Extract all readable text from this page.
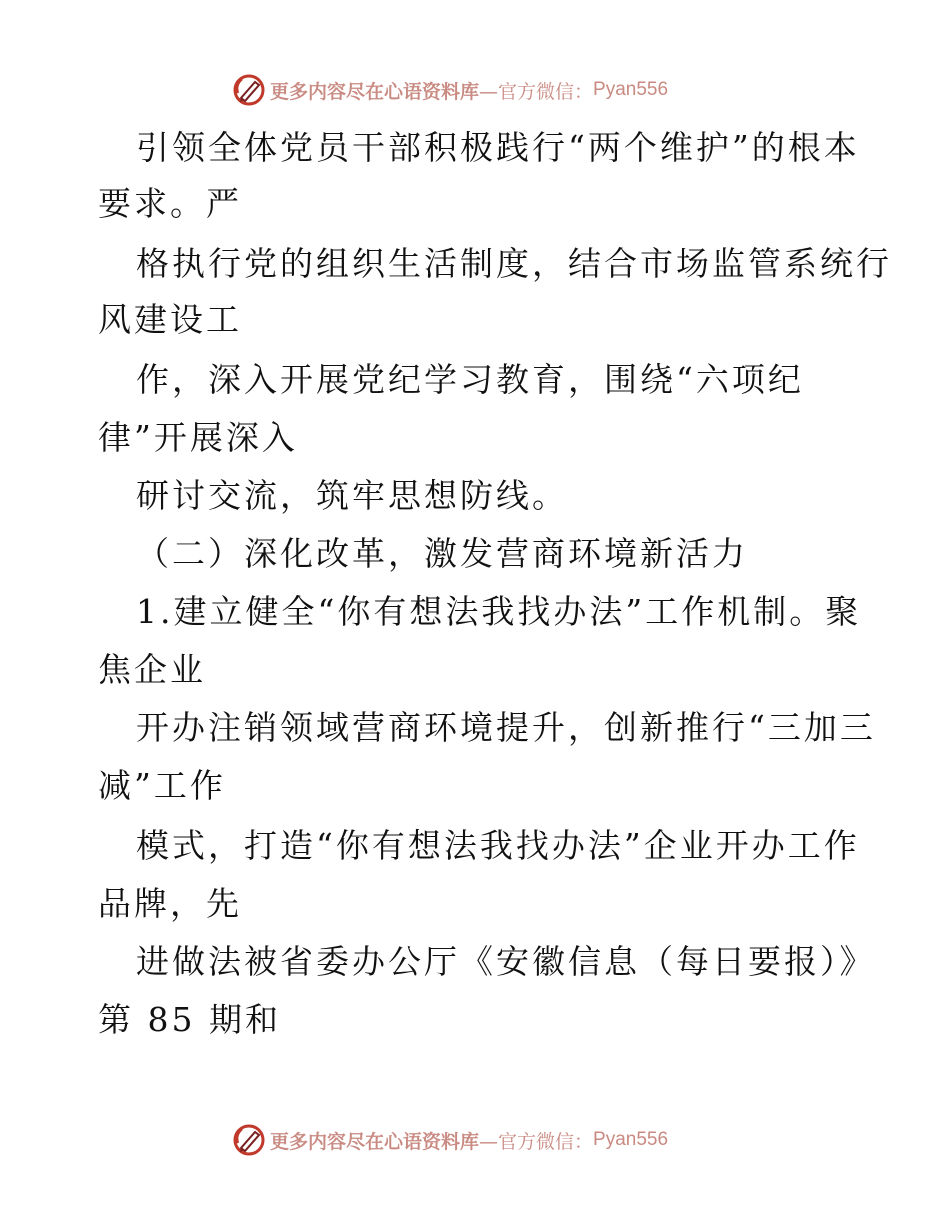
更多内容尽在心语资料库 —官方微信： Pyan556
引领全体党员干部积极践行“两个维护”的根本
要求。严
格执行党的组织生活制度，结合市场监管系统行
风建设工
作，深入开展党纪学习教育，围绕“六项纪
律”开展深入
研讨交流，筑牢思想防线。
（二）深化改革，激发营商环境新活力
1.建立健全“你有想法我找办法”工作机制。聚
焦企业
开办注销领域营商环境提升，创新推行“三加三
减”工作
模式，打造“你有想法我找办法”企业开办工作
品牌，先
进做法被省委办公厅《安徽信息（每日要报）》
第 85 期和
更多内容尽在心语资料库 —官方微信： Pyan556
